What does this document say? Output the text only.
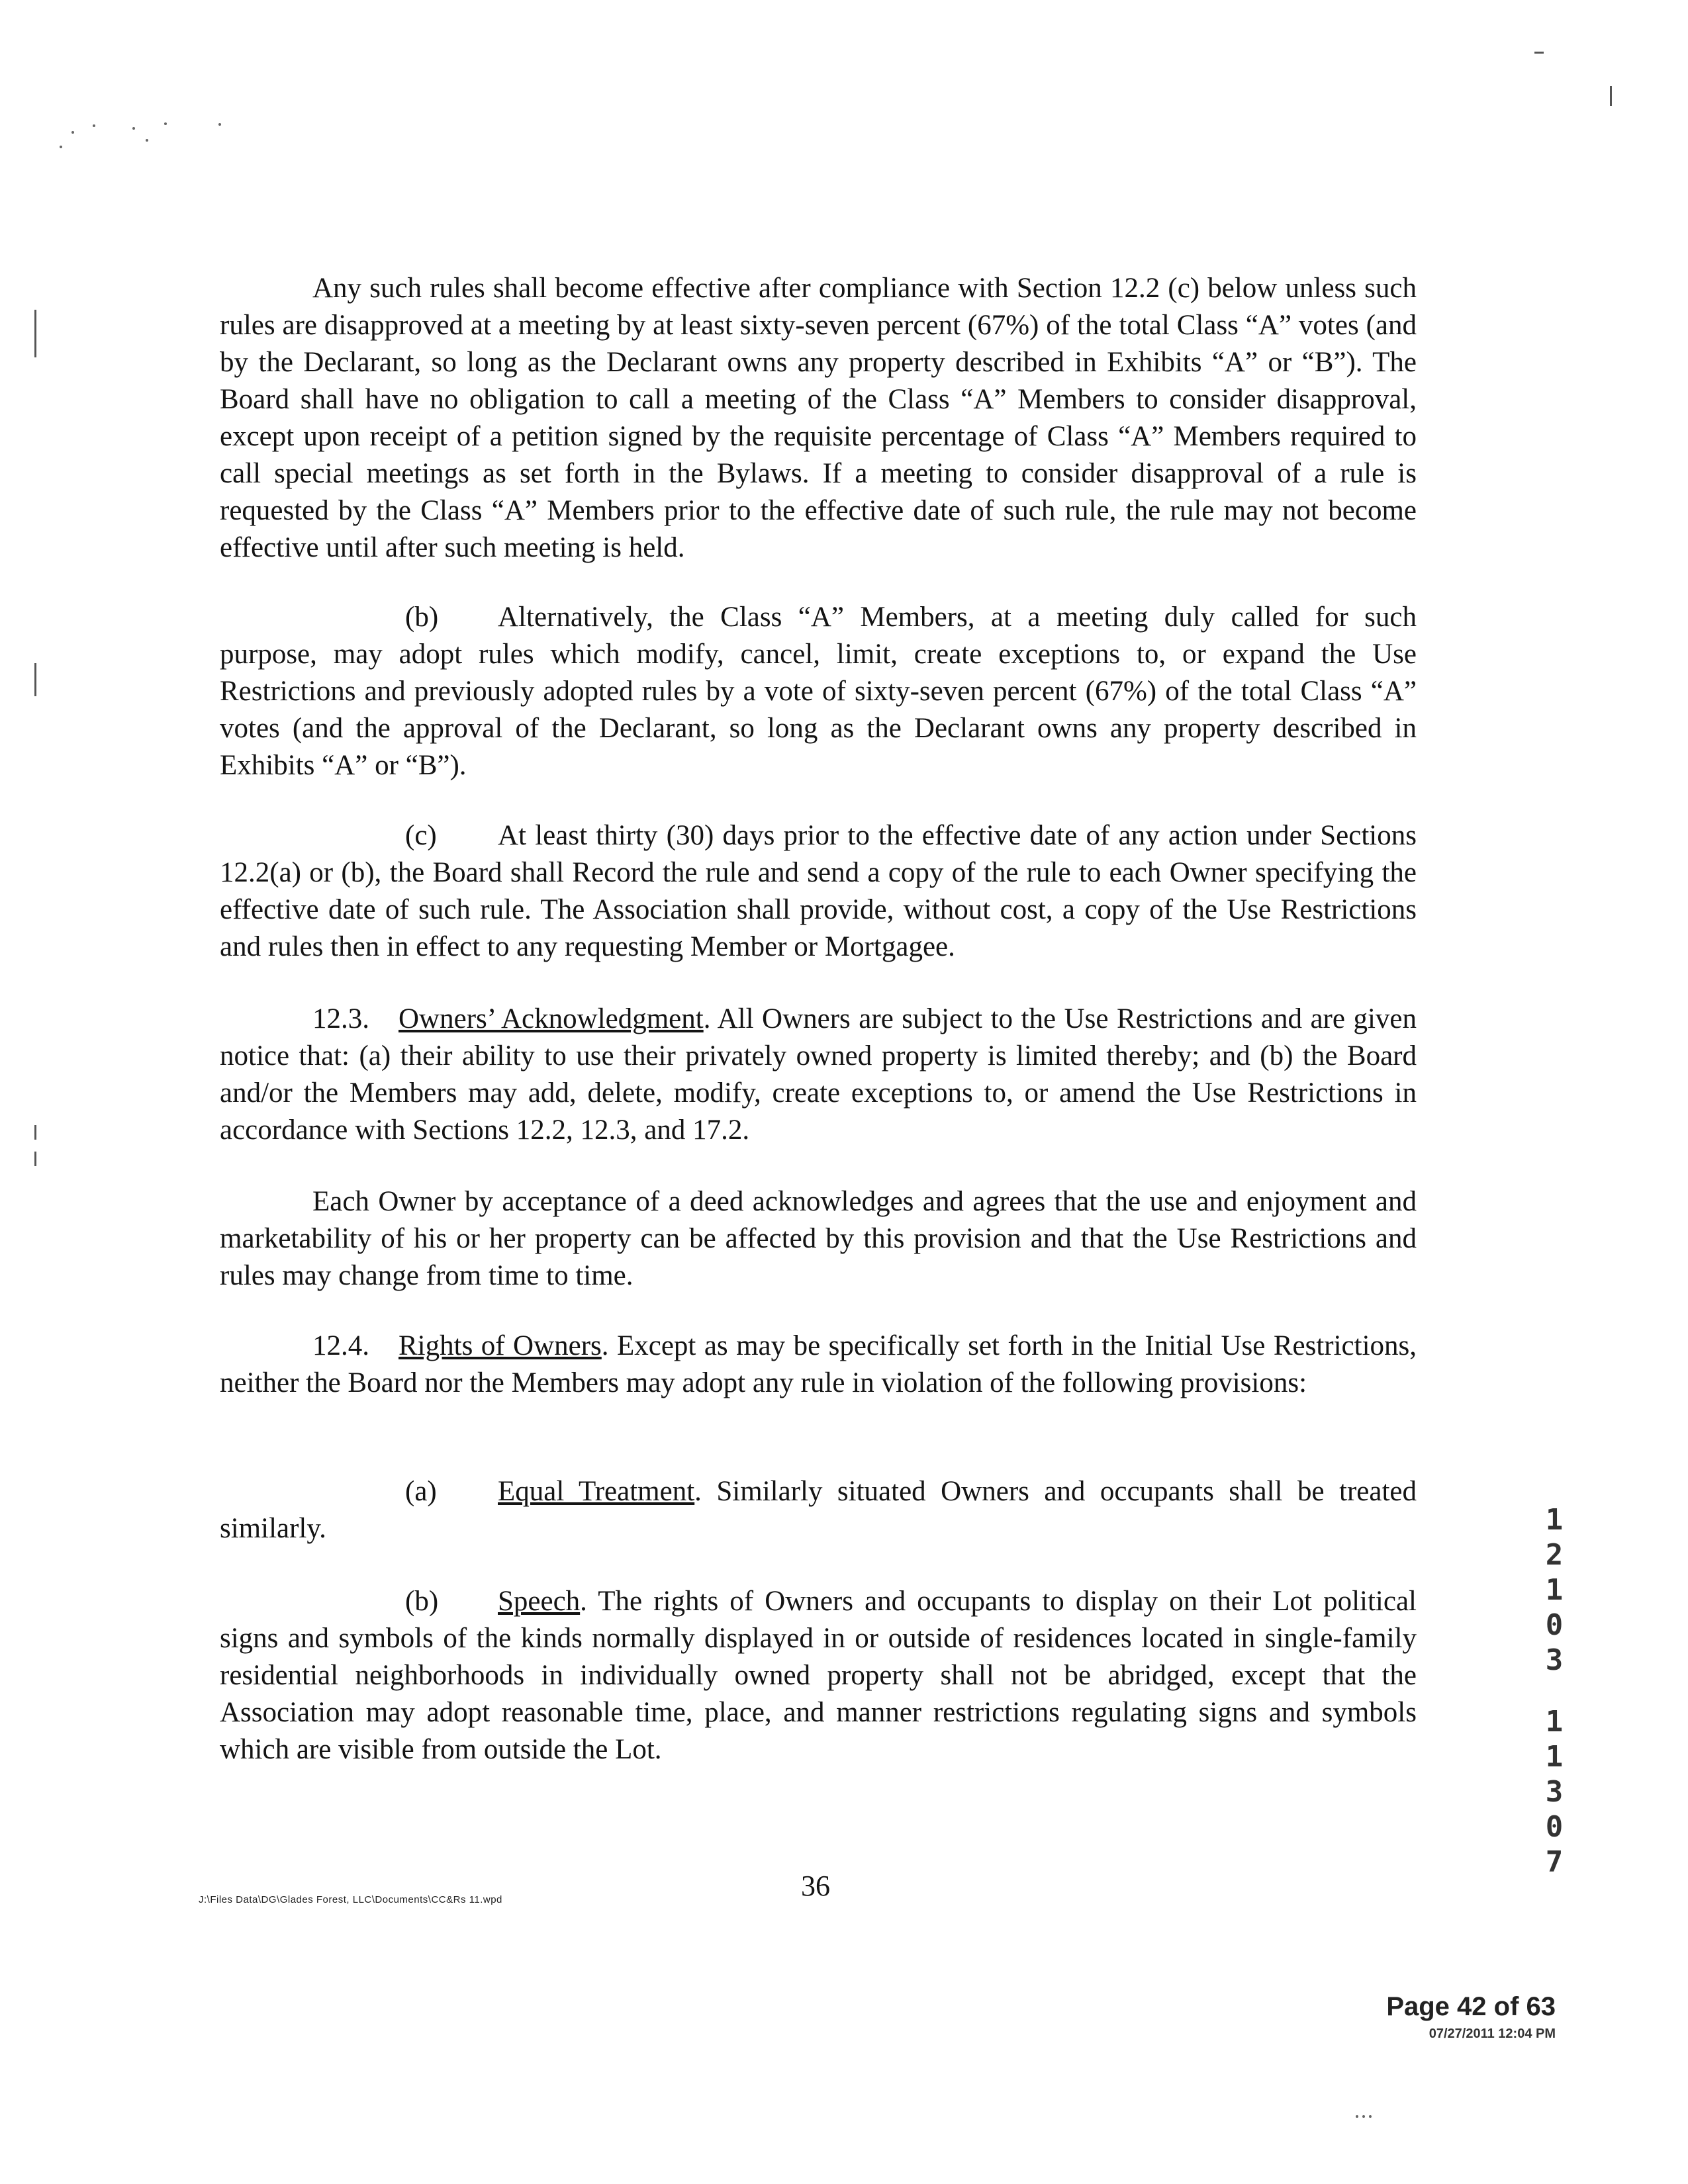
Any such rules shall become effective after compliance with Section 12.2 (c) below unless such rules are disapproved at a meeting by at least sixty-seven percent (67%) of the total Class “A” votes (and by the Declarant, so long as the Declarant owns any property described in Exhibits “A” or “B”). The Board shall have no obligation to call a meeting of the Class “A” Members to consider disapproval, except upon receipt of a petition signed by the requisite percentage of Class “A” Members required to call special meetings as set forth in the Bylaws. If a meeting to consider disapproval of a rule is requested by the Class “A” Members prior to the effective date of such rule, the rule may not become effective until after such meeting is held.
(b) Alternatively, the Class “A” Members, at a meeting duly called for such purpose, may adopt rules which modify, cancel, limit, create exceptions to, or expand the Use Restrictions and previously adopted rules by a vote of sixty-seven percent (67%) of the total Class “A” votes (and the approval of the Declarant, so long as the Declarant owns any property described in Exhibits “A” or “B”).
(c) At least thirty (30) days prior to the effective date of any action under Sections 12.2(a) or (b), the Board shall Record the rule and send a copy of the rule to each Owner specifying the effective date of such rule. The Association shall provide, without cost, a copy of the Use Restrictions and rules then in effect to any requesting Member or Mortgagee.
12.3. Owners’ Acknowledgment. All Owners are subject to the Use Restrictions and are given notice that: (a) their ability to use their privately owned property is limited thereby; and (b) the Board and/or the Members may add, delete, modify, create exceptions to, or amend the Use Restrictions in accordance with Sections 12.2, 12.3, and 17.2.
Each Owner by acceptance of a deed acknowledges and agrees that the use and enjoyment and marketability of his or her property can be affected by this provision and that the Use Restrictions and rules may change from time to time.
12.4. Rights of Owners. Except as may be specifically set forth in the Initial Use Restrictions, neither the Board nor the Members may adopt any rule in violation of the following provisions:
(a) Equal Treatment. Similarly situated Owners and occupants shall be treated similarly.
(b) Speech. The rights of Owners and occupants to display on their Lot political signs and symbols of the kinds normally displayed in or outside of residences located in single-family residential neighborhoods in individually owned property shall not be abridged, except that the Association may adopt reasonable time, place, and manner restrictions regulating signs and symbols which are visible from outside the Lot.
1
2
1
0
3
1
1
3
0
7
36
J:\Files Data\DG\Glades Forest, LLC\Documents\CC&Rs 11.wpd
Page 42 of 63
07/27/2011 12:04 PM
